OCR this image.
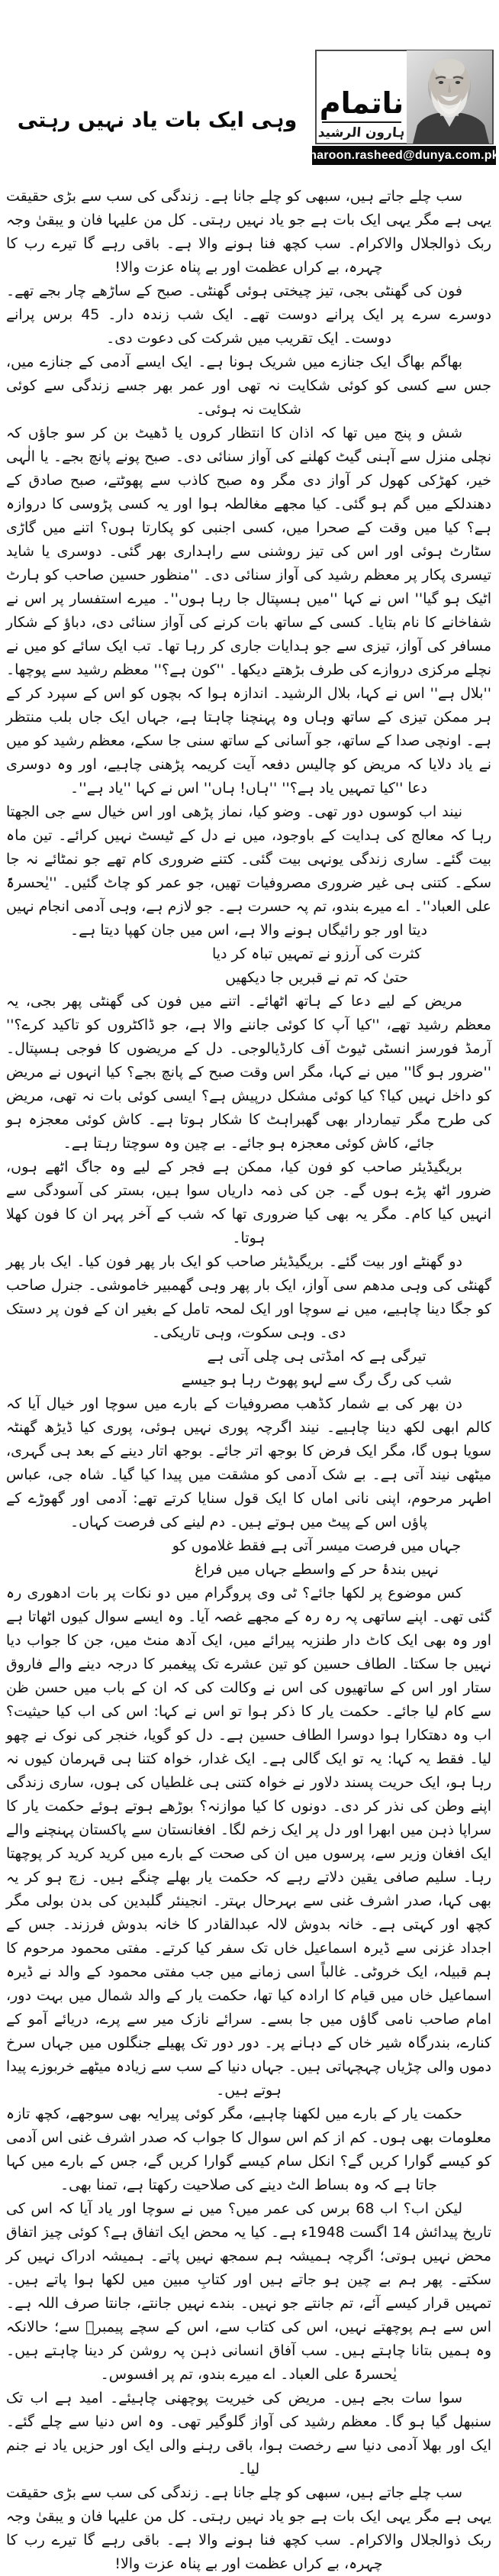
ناتمام
ہارون الرشید
haroon.rasheed@dunya.com.pk
وہی ایک بات یاد نہیں رہتی

سب چلے جاتے ہیں، سبھی کو چلے جانا ہے۔ زندگی کی سب سے بڑی حقیقت یہی ہے مگر یہی ایک بات ہے جو یاد نہیں رہتی۔ کل من علیہا فان و یبقیٰ وجہ ربک ذوالجلال والاکرام۔ سب کچھ فنا ہونے والا ہے۔ باقی رہے گا تیرے رب کا چہرہ، بے کراں عظمت اور بے پناہ عزت والا!

فون کی گھنٹی بجی، تیز چیختی ہوئی گھنٹی۔ صبح کے ساڑھے چار بجے تھے۔ دوسرے سرے پر ایک پرانے دوست تھے۔ ایک شب زندہ دار۔ 45 برس پرانے دوست۔ ایک تقریب میں شرکت کی دعوت دی۔

بھاگم بھاگ ایک جنازے میں شریک ہونا ہے۔ ایک ایسے آدمی کے جنازے میں، جس سے کسی کو کوئی شکایت نہ تھی اور عمر بھر جسے زندگی سے کوئی شکایت نہ ہوئی۔

شش و پنج میں تھا کہ اذان کا انتظار کروں یا ڈھیٹ بن کر سو جاؤں کہ نچلی منزل سے آہنی گیٹ کھلنے کی آواز سنائی دی۔ صبح پونے پانچ بجے۔ یا الٰہی خیر، کھڑکی کھول کر آواز دی مگر وہ صبح کاذب سے پھوٹتے، صبح صادق کے دھندلکے میں گم ہو گئی۔ کیا مجھے مغالطہ ہوا اور یہ کسی پڑوسی کا دروازہ ہے؟ کیا میں وقت کے صحرا میں، کسی اجنبی کو پکارتا ہوں؟ اتنے میں گاڑی سٹارٹ ہوئی اور اس کی تیز روشنی سے راہداری بھر گئی۔ دوسری یا شاید تیسری پکار پر معظم رشید کی آواز سنائی دی۔ ''منظور حسین صاحب کو ہارٹ اٹیک ہو گیا'' اس نے کہا ''میں ہسپتال جا رہا ہوں''۔ میرے استفسار پر اس نے شفاخانے کا نام بتایا۔ کسی کے ساتھ بات کرنے کی آواز سنائی دی، دباؤ کے شکار مسافر کی آواز، تیزی سے جو ہدایات جاری کر رہا تھا۔ تب ایک سائے کو میں نے نچلے مرکزی دروازے کی طرف بڑھتے دیکھا۔ ''کون ہے؟'' معظم رشید سے پوچھا۔ ''بلال ہے'' اس نے کہا، بلال الرشید۔ اندازہ ہوا کہ بچوں کو اس کے سپرد کر کے ہر ممکن تیزی کے ساتھ وہاں وہ پہنچنا چاہتا ہے، جہاں ایک جاں بلب منتظر ہے۔ اونچی صدا کے ساتھ، جو آسانی کے ساتھ سنی جا سکے، معظم رشید کو میں نے یاد دلایا کہ مریض کو چالیس دفعہ آیت کریمہ پڑھنی چاہیے، اور وہ دوسری دعا ''کیا تمہیں یاد ہے؟'' ''ہاں! ہاں'' اس نے کہا ''یاد ہے''۔

نیند اب کوسوں دور تھی۔ وضو کیا، نماز پڑھی اور اس خیال سے جی الجھتا رہا کہ معالج کی ہدایت کے باوجود، میں نے دل کے ٹیسٹ نہیں کرائے۔ تین ماہ بیت گئے۔ ساری زندگی یونہی بیت گئی۔ کتنے ضروری کام تھے جو نمٹائے نہ جا سکے۔ کتنی ہی غیر ضروری مصروفیات تھیں، جو عمر کو چاٹ گئیں۔ ''یٰحسرۃً علی العباد''۔ اے میرے بندو، تم پہ حسرت ہے۔ جو لازم ہے، وہی آدمی انجام نہیں دیتا اور جو رائیگاں ہونے والا ہے، اس میں جان کھپا دیتا ہے۔

کثرت کی آرزو نے تمہیں تباہ کر دیا
حتیٰ کہ تم نے قبریں جا دیکھیں

مریض کے لیے دعا کے ہاتھ اٹھائے۔ اتنے میں فون کی گھنٹی پھر بجی، یہ معظم رشید تھے، ''کیا آپ کا کوئی جاننے والا ہے، جو ڈاکٹروں کو تاکید کرے؟'' آرمڈ فورسز انسٹی ٹیوٹ آف کارڈیالوجی۔ دل کے مریضوں کا فوجی ہسپتال۔ ''ضرور ہو گا'' میں نے کہا، مگر اس وقت صبح کے پانچ بجے؟ کیا انہوں نے مریض کو داخل نہیں کیا؟ کیا کوئی مشکل درپیش ہے؟ ایسی کوئی بات نہ تھی، مریض کی طرح مگر تیماردار بھی گھبراہٹ کا شکار ہوتا ہے۔ کاش کوئی معجزہ ہو جائے، کاش کوئی معجزہ ہو جائے۔ بے چین وہ سوچتا رہتا ہے۔

بریگیڈیئر صاحب کو فون کیا، ممکن ہے فجر کے لیے وہ جاگ اٹھے ہوں، ضرور اٹھ پڑے ہوں گے۔ جن کی ذمہ داریاں سوا ہیں، بستر کی آسودگی سے انہیں کیا کام۔ مگر یہ بھی کیا ضروری تھا کہ شب کے آخر پہر ان کا فون کھلا ہوتا۔

دو گھنٹے اور بیت گئے۔ بریگیڈیئر صاحب کو ایک بار پھر فون کیا۔ ایک بار پھر گھنٹی کی وہی مدھم سی آواز، ایک بار پھر وہی گھمبیر خاموشی۔ جنرل صاحب کو جگا دینا چاہیے، میں نے سوچا اور ایک لمحہ تامل کے بغیر ان کے فون پر دستک دی۔ وہی سکوت، وہی تاریکی۔

تیرگی ہے کہ امڈتی ہی چلی آتی ہے
شب کی رگ رگ سے لہو پھوٹ رہا ہو جیسے

دن بھر کی بے شمار کڈھب مصروفیات کے بارے میں سوچا اور خیال آیا کہ کالم ابھی لکھ دینا چاہیے۔ نیند اگرچہ پوری نہیں ہوئی، پوری کیا ڈیڑھ گھنٹہ سویا ہوں گا، مگر ایک فرض کا بوجھ اتر جائے۔ بوجھ اتار دینے کے بعد ہی گہری، میٹھی نیند آتی ہے۔ بے شک آدمی کو مشقت میں پیدا کیا گیا۔ شاہ جی، عباس اطہر مرحوم، اپنی نانی اماں کا ایک قول سنایا کرتے تھے: آدمی اور گھوڑے کے پاؤں اس کے پیٹ میں ہوتے ہیں۔ دم لینے کی فرصت کہاں۔

جہاں میں فرصت میسر آتی ہے فقط غلاموں کو
نہیں بندۂ حر کے واسطے جہاں میں فراغ

کس موضوع پر لکھا جائے؟ ٹی وی پروگرام میں دو نکات پر بات ادھوری رہ گئی تھی۔ اپنے ساتھی پہ رہ رہ کے مجھے غصہ آیا۔ وہ ایسے سوال کیوں اٹھاتا ہے اور وہ بھی ایک کاٹ دار طنزیہ پیرائے میں، ایک آدھ منٹ میں، جن کا جواب دیا نہیں جا سکتا۔ الطاف حسین کو تین عشرے تک پیغمبر کا درجہ دینے والے فاروق ستار اور اس کے ساتھیوں کی اس نے وکالت کی کہ ان کے باب میں حسن ظن سے کام لیا جائے۔ حکمت یار کا ذکر ہوا تو اس نے کہا: اس کی اب کیا حیثیت؟ اب وہ دھتکارا ہوا دوسرا الطاف حسین ہے۔ دل کو گویا، خنجر کی نوک نے چھو لیا۔ فقط یہ کہا: یہ تو ایک گالی ہے۔ ایک غدار، خواہ کتنا ہی قہرمان کیوں نہ رہا ہو، ایک حریت پسند دلاور نے خواہ کتنی ہی غلطیاں کی ہوں، ساری زندگی اپنے وطن کی نذر کر دی۔ دونوں کا کیا موازنہ؟ بوڑھے ہوتے ہوئے حکمت یار کا سراپا ذہن میں ابھرا اور دل پر ایک زخم لگا۔ افغانستان سے پاکستان پہنچنے والے ایک افغان وزیر سے، پرسوں میں ان کی صحت کے بارے میں کرید کرید کر پوچھتا رہا۔ سلیم صافی یقین دلاتے رہے کہ حکمت یار بھلے چنگے ہیں۔ زچ ہو کر یہ بھی کہا، صدر اشرف غنی سے بہرحال بہتر۔ انجینئر گلبدین کی بدن بولی مگر کچھ اور کہتی ہے۔ خانہ بدوش لالہ عبدالقادر کا خانہ بدوش فرزند۔ جس کے اجداد غزنی سے ڈیرہ اسماعیل خاں تک سفر کیا کرتے۔ مفتی محمود مرحوم کا ہم قبیلہ، ایک خروٹی۔ غالباً اسی زمانے میں جب مفتی محمود کے والد نے ڈیرہ اسماعیل خاں میں قیام کا ارادہ کیا تھا، حکمت یار کے والد شمال میں بہت دور، امام صاحب نامی گاؤں میں جا بسے۔ سرائے نازک میر سے پرے، دریائے آمو کے کنارے، بندرگاہ شیر خاں کے دہانے پر۔ دور دور تک پھیلے جنگلوں میں جہاں سرخ دموں والی چڑیاں چہچہاتی ہیں۔ جہاں دنیا کے سب سے زیادہ میٹھے خربوزے پیدا ہوتے ہیں۔

حکمت یار کے بارے میں لکھنا چاہیے، مگر کوئی پیرایہ بھی سوجھے، کچھ تازہ معلومات بھی ہوں۔ کم از کم اس سوال کا جواب کہ صدر اشرف غنی اس آدمی کو کیسے گوارا کریں گے؟ انکل سام کیسے گوارا کریں گے، جس کے بارے میں کہا جاتا ہے کہ وہ بساط الٹ دینے کی صلاحیت رکھتا ہے، تمنا بھی۔

لیکن اب؟ اب 68 برس کی عمر میں؟ میں نے سوچا اور یاد آیا کہ اس کی تاریخ پیدائش 14 اگست 1948ء ہے۔ کیا یہ محض ایک اتفاق ہے؟ کوئی چیز اتفاق محض نہیں ہوتی؛ اگرچہ ہمیشہ ہم سمجھ نہیں پاتے۔ ہمیشہ ادراک نہیں کر سکتے۔ پھر ہم بے چین ہو جاتے ہیں اور کتابِ مبین میں لکھا ہوا پاتے ہیں۔ تمہیں قرار کیسے آئے، تم جانتے جو نہیں۔ بندے نہیں جانتے، جانتا صرف اللہ ہے۔ اس سے ہم پوچھتے نہیں، اس کی کتاب سے، اس کے سچے پیمبرؐ سے؛ حالانکہ وہ ہمیں بتانا چاہتے ہیں۔ سب آفاق انسانی ذہن پہ روشن کر دینا چاہتے ہیں۔ یٰحسرۃً علی العباد۔ اے میرے بندو، تم پر افسوس۔

سوا سات بجے ہیں۔ مریض کی خیریت پوچھنی چاہیئے۔ امید ہے اب تک سنبھل گیا ہو گا۔ معظم رشید کی آواز گلوگیر تھی۔ وہ اس دنیا سے چلے گئے۔ ایک اور بھلا آدمی دنیا سے رخصت ہوا، باقی رہنے والی ایک اور حزیں یاد نے جنم لیا۔

سب چلے جاتے ہیں، سبھی کو چلے جانا ہے۔ زندگی کی سب سے بڑی حقیقت یہی ہے مگر یہی ایک بات ہے جو یاد نہیں رہتی۔ کل من علیہا فان و یبقیٰ وجہ ربک ذوالجلال والاکرام۔ سب کچھ فنا ہونے والا ہے۔ باقی رہے گا تیرے رب کا چہرہ، بے کراں عظمت اور بے پناہ عزت والا!
